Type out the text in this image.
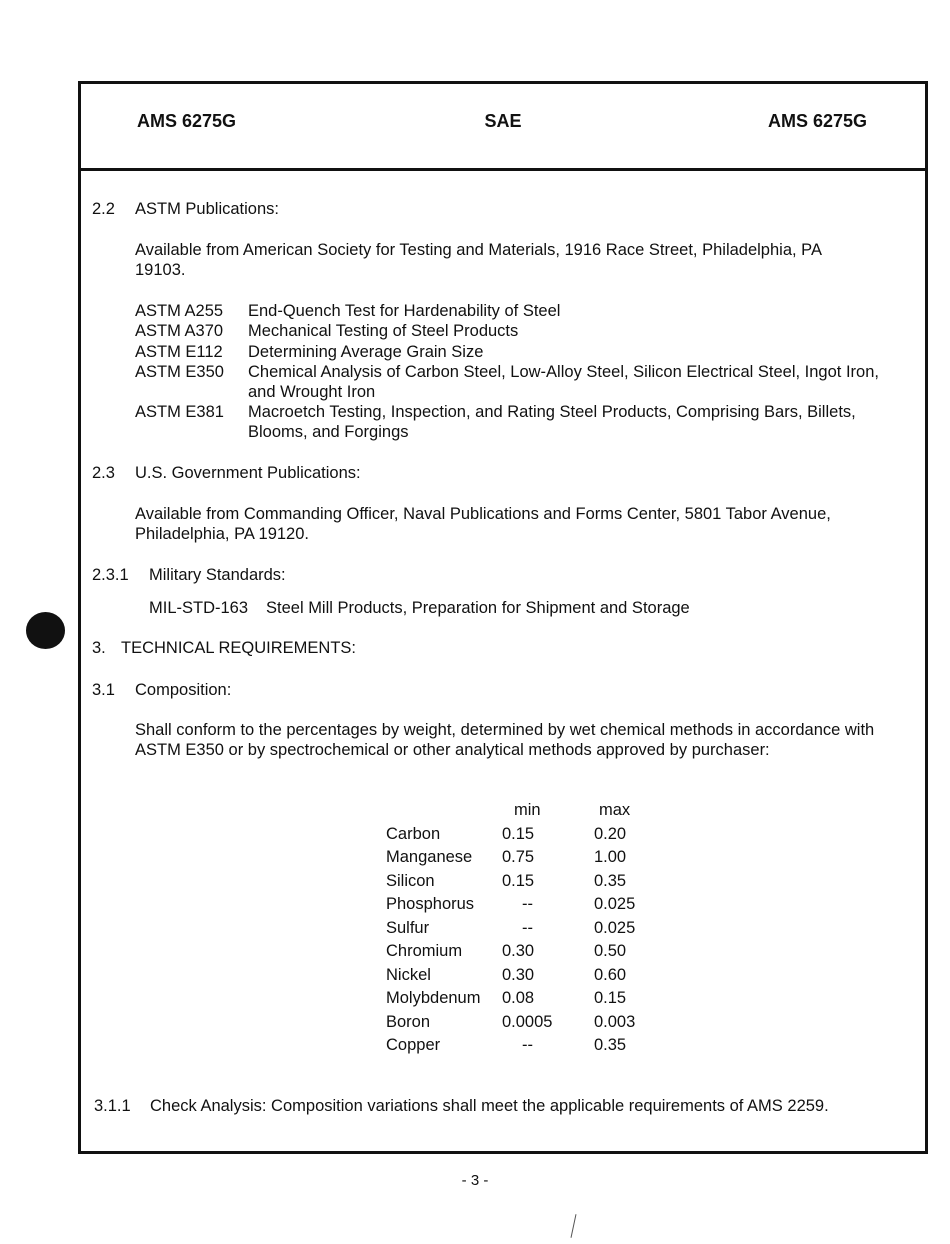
AMS 6275G	SAE	AMS 6275G
2.2 ASTM Publications:
Available from American Society for Testing and Materials, 1916 Race Street, Philadelphia, PA 19103.
ASTM A255 End-Quench Test for Hardenability of Steel
ASTM A370 Mechanical Testing of Steel Products
ASTM E112 Determining Average Grain Size
ASTM E350 Chemical Analysis of Carbon Steel, Low-Alloy Steel, Silicon Electrical Steel, Ingot Iron, and Wrought Iron
ASTM E381 Macroetch Testing, Inspection, and Rating Steel Products, Comprising Bars, Billets, Blooms, and Forgings
2.3 U.S. Government Publications:
Available from Commanding Officer, Naval Publications and Forms Center, 5801 Tabor Avenue, Philadelphia, PA 19120.
2.3.1 Military Standards:
MIL-STD-163 Steel Mill Products, Preparation for Shipment and Storage
3. TECHNICAL REQUIREMENTS:
3.1 Composition:
Shall conform to the percentages by weight, determined by wet chemical methods in accordance with ASTM E350 or by spectrochemical or other analytical methods approved by purchaser:
	min	max
Carbon	0.15	0.20
Manganese	0.75	1.00
Silicon	0.15	0.35
Phosphorus	--	0.025
Sulfur	--	0.025
Chromium	0.30	0.50
Nickel	0.30	0.60
Molybdenum	0.08	0.15
Boron	0.0005	0.003
Copper	--	0.35
3.1.1 Check Analysis: Composition variations shall meet the applicable requirements of AMS 2259.
- 3 -
